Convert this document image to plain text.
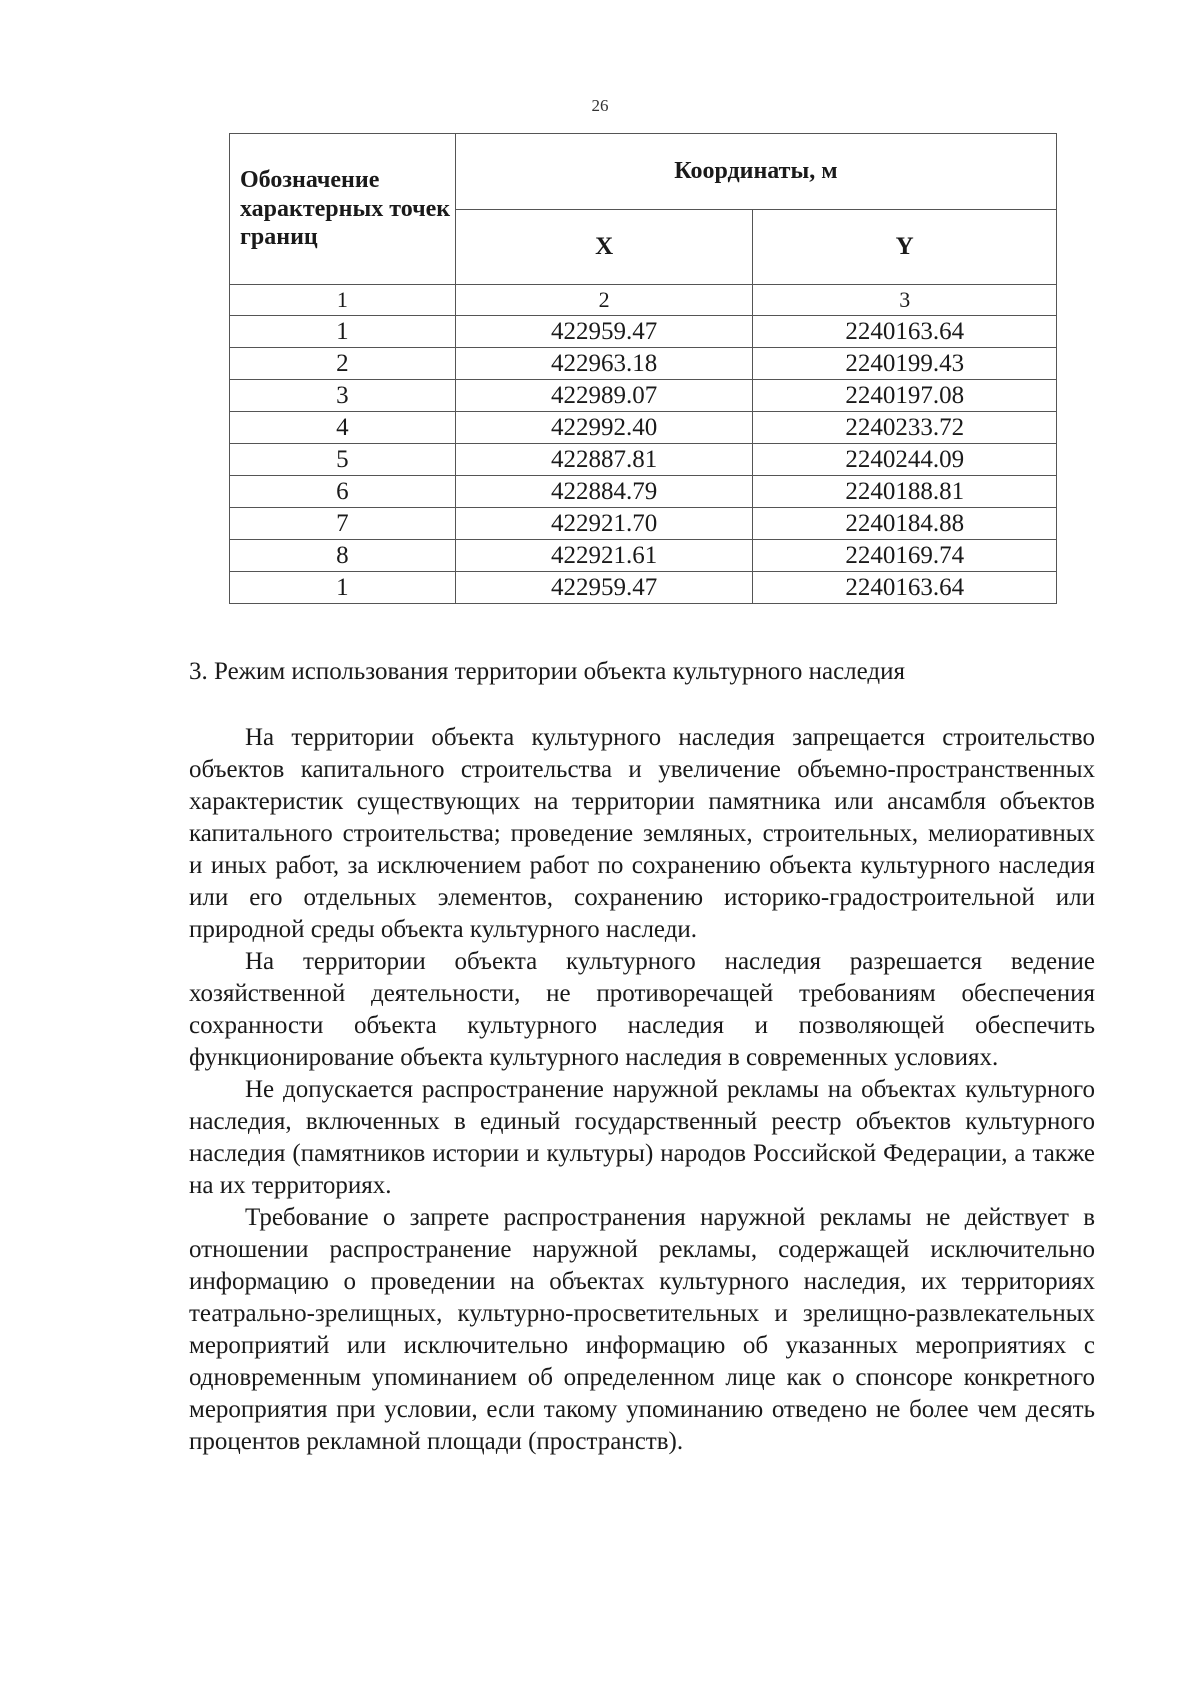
26
Обозначение характерных точек границ	Координаты, м	
	X	Y
1	2	3
1	422959.47	2240163.64
2	422963.18	2240199.43
3	422989.07	2240197.08
4	422992.40	2240233.72
5	422887.81	2240244.09
6	422884.79	2240188.81
7	422921.70	2240184.88
8	422921.61	2240169.74
1	422959.47	2240163.64
3. Режим использования территории объекта культурного наследия

На территории объекта культурного наследия запрещается строительство объектов капитального строительства и увеличение объемно-пространственных характеристик существующих на территории памятника или ансамбля объектов капитального строительства; проведение земляных, строительных, мелиоративных и иных работ, за исключением работ по сохранению объекта культурного наследия или его отдельных элементов, сохранению историко-градостроительной или природной среды объекта культурного наследи.

На территории объекта культурного наследия разрешается ведение хозяйственной деятельности, не противоречащей требованиям обеспечения сохранности объекта культурного наследия и позволяющей обеспечить функционирование объекта культурного наследия в современных условиях.

Не допускается распространение наружной рекламы на объектах культурного наследия, включенных в единый государственный реестр объектов культурного наследия (памятников истории и культуры) народов Российской Федерации, а также на их территориях.

Требование о запрете распространения наружной рекламы не действует в отношении распространение наружной рекламы, содержащей исключительно информацию о проведении на объектах культурного наследия, их территориях театрально-зрелищных, культурно-просветительных и зрелищно-развлекательных мероприятий или исключительно информацию об указанных мероприятиях с одновременным упоминанием об определенном лице как о спонсоре конкретного мероприятия при условии, если такому упоминанию отведено не более чем десять процентов рекламной площади (пространств).
